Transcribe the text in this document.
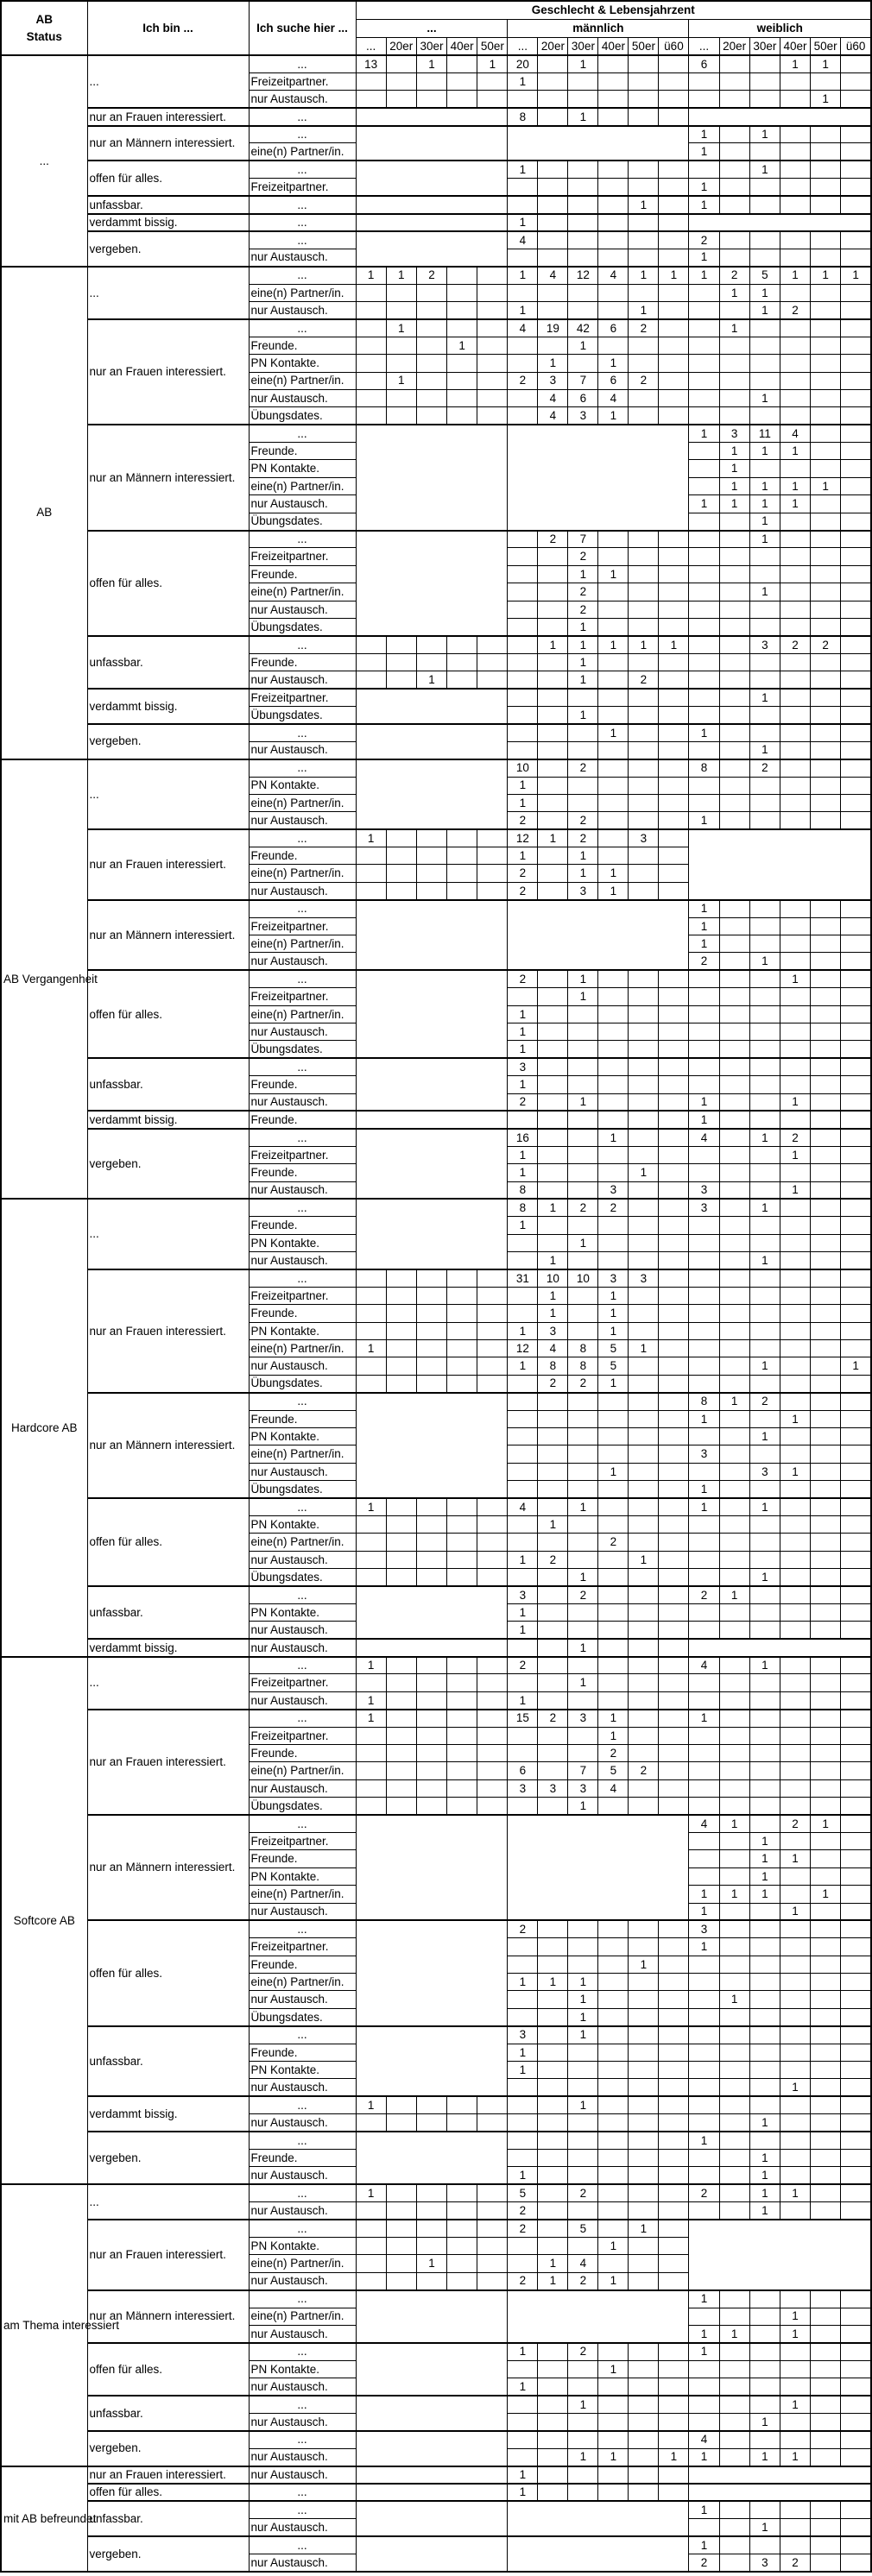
AB Status	Ich bin ...	Ich suche hier ...	Geschlecht & Lebensjahrzent																
			...					männlich						weiblich					
			...	20er	30er	40er	50er	...	20er	30er	40er	50er	ü60	...	20er	30er	40er	50er	ü60
...	...	...	13		1		1	20		1				6			1	1	
		Freizeitpartner.						1											
		nur Austausch.																1	
	nur an Frauen interessiert.	...						8		1									
	nur an Männern interessiert.	...												1		1			
		eine(n) Partner/in.												1					
	offen für alles.	...						1								1			
		Freizeitpartner.												1					
	unfassbar.	...										1		1					
	verdammt bissig.	...						1											
	vergeben.	...						4						2					
		nur Austausch.												1					
AB	...	...	1	1	2			1	4	12	4	1	1	1	2	5	1	1	1
		eine(n) Partner/in.													1	1			
		nur Austausch.						1				1				1	2		
	nur an Frauen interessiert.	...		1				4	19	42	6	2			1				
		Freunde.				1				1									
		PN Kontakte.							1		1								
		eine(n) Partner/in.		1				2	3	7	6	2							
		nur Austausch.							4	6	4					1			
		Übungsdates.							4	3	1								
	nur an Männern interessiert.	...												1	3	11	4		
		Freunde.													1	1	1		
		PN Kontakte.													1				
		eine(n) Partner/in.													1	1	1	1	
		nur Austausch.												1	1	1	1		
		Übungsdates.														1			
	offen für alles.	...							2	7						1			
		Freizeitpartner.								2									
		Freunde.								1	1								
		eine(n) Partner/in.								2						1			
		nur Austausch.								2									
		Übungsdates.								1									
	unfassbar.	...							1	1	1	1	1			3	2	2	
		Freunde.								1									
		nur Austausch.			1					1		2							
	verdammt bissig.	Freizeitpartner.														1			
		Übungsdates.								1									
	vergeben.	...									1			1					
		nur Austausch.														1			
AB Vergangenheit	...	...						10		2				8		2			
		PN Kontakte.						1											
		eine(n) Partner/in.						1											
		nur Austausch.						2		2				1					
	nur an Frauen interessiert.	...	1					12	1	2		3							
		Freunde.						1		1									
		eine(n) Partner/in.						2		1	1								
		nur Austausch.						2		3	1								
	nur an Männern interessiert.	...												1					
		Freizeitpartner.												1					
		eine(n) Partner/in.												1					
		nur Austausch.												2		1			
	offen für alles.	...						2		1							1		
		Freizeitpartner.								1									
		eine(n) Partner/in.						1											
		nur Austausch.						1											
		Übungsdates.						1											
	unfassbar.	...						3											
		Freunde.						1											
		nur Austausch.						2		1				1			1		
	verdammt bissig.	Freunde.												1					
	vergeben.	...						16			1			4		1	2		
		Freizeitpartner.						1									1		
		Freunde.						1				1							
		nur Austausch.						8			3			3			1		
Hardcore AB	...	...						8	1	2	2			3		1			
		Freunde.						1											
		PN Kontakte.								1									
		nur Austausch.							1							1			
	nur an Frauen interessiert.	...						31	10	10	3	3							
		Freizeitpartner.							1		1								
		Freunde.							1		1								
		PN Kontakte.						1	3		1								
		eine(n) Partner/in.	1					12	4	8	5	1							
		nur Austausch.						1	8	8	5					1			1
		Übungsdates.							2	2	1								
	nur an Männern interessiert.	...												8	1	2			
		Freunde.												1			1		
		PN Kontakte.														1			
		eine(n) Partner/in.												3					
		nur Austausch.									1					3	1		
		Übungsdates.												1					
	offen für alles.	...	1					4		1				1		1			
		PN Kontakte.							1										
		eine(n) Partner/in.									2								
		nur Austausch.						1	2			1							
		Übungsdates.								1						1			
	unfassbar.	...						3		2				2	1				
		PN Kontakte.						1											
		nur Austausch.						1											
	verdammt bissig.	nur Austausch.								1									
Softcore AB	...	...	1					2						4		1			
		Freizeitpartner.								1									
		nur Austausch.	1					1											
	nur an Frauen interessiert.	...	1					15	2	3	1			1					
		Freizeitpartner.									1								
		Freunde.									2								
		eine(n) Partner/in.						6		7	5	2							
		nur Austausch.						3	3	3	4								
		Übungsdates.								1									
	nur an Männern interessiert.	...												4	1		2	1	
		Freizeitpartner.														1			
		Freunde.														1	1		
		PN Kontakte.														1			
		eine(n) Partner/in.												1	1	1		1	
		nur Austausch.												1			1		
	offen für alles.	...						2						3					
		Freizeitpartner.												1					
		Freunde.										1							
		eine(n) Partner/in.						1	1	1									
		nur Austausch.								1					1				
		Übungsdates.								1									
	unfassbar.	...						3		1									
		Freunde.						1											
		PN Kontakte.						1											
		nur Austausch.															1		
	verdammt bissig.	...	1							1									
		nur Austausch.														1			
	vergeben.	...												1					
		Freunde.														1			
		nur Austausch.						1								1			
am Thema interessiert	...	...	1					5		2				2		1	1		
		nur Austausch.						2								1			
	nur an Frauen interessiert.	...						2		5		1							
		PN Kontakte.									1								
		eine(n) Partner/in.			1				1	4									
		nur Austausch.						2	1	2	1								
	nur an Männern interessiert.	...												1					
		eine(n) Partner/in.															1		
		nur Austausch.												1	1		1		
	offen für alles.	...						1		2				1					
		PN Kontakte.									1								
		nur Austausch.						1											
	unfassbar.	...								1							1		
		nur Austausch.														1			
	vergeben.	...												4					
		nur Austausch.								1	1		1	1		1	1		
mit AB befreundet	nur an Frauen interessiert.	nur Austausch.						1											
	offen für alles.	...						1											
	unfassbar.	...												1					
		nur Austausch.														1			
	vergeben.	...												1					
		nur Austausch.												2		3	2		
